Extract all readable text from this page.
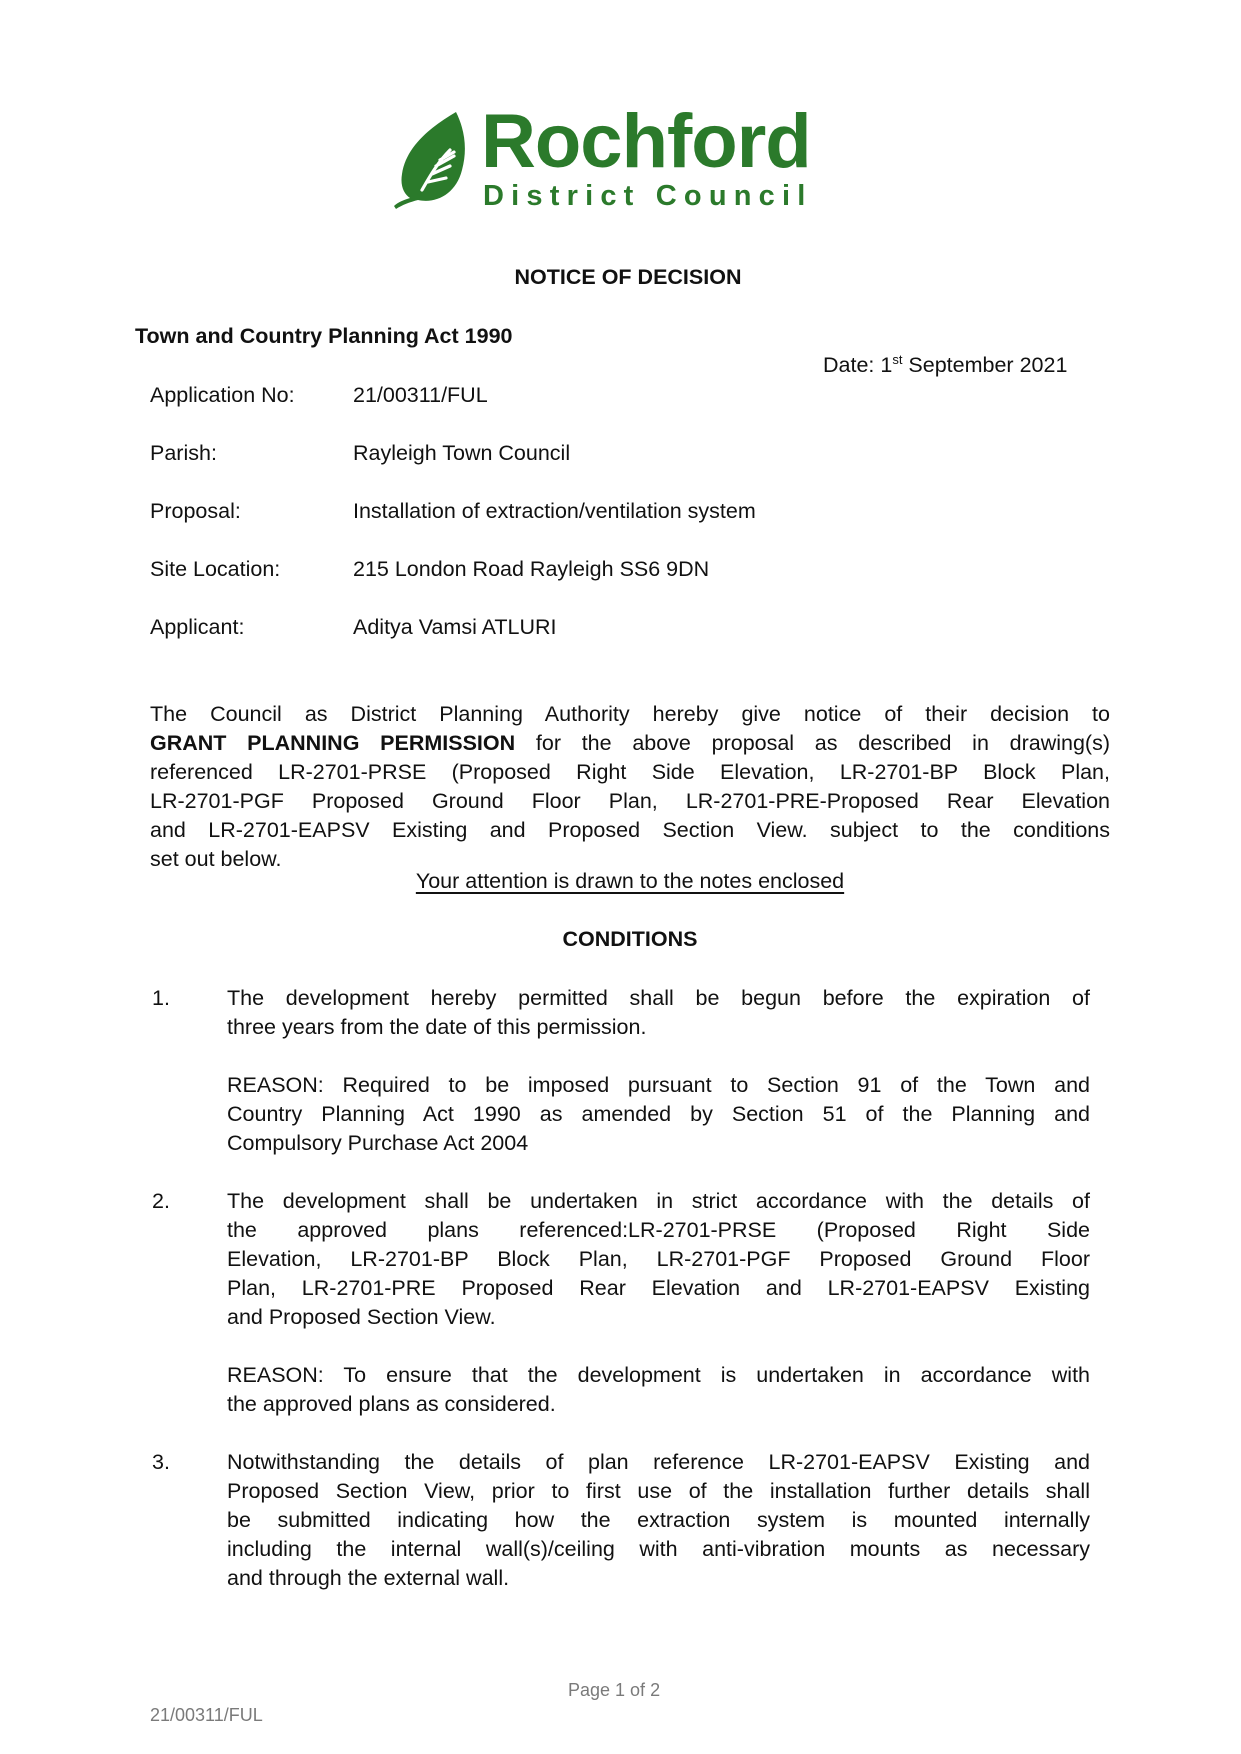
Rochford
District Council
NOTICE OF DECISION
Town and Country Planning Act 1990
Date: 1st September 2021
Application No:	21/00311/FUL
Parish:	Rayleigh Town Council
Proposal:	Installation of extraction/ventilation system
Site Location:	215 London Road Rayleigh SS6 9DN
Applicant:	Aditya Vamsi ATLURI
The Council as District Planning Authority hereby give notice of their decision to
GRANT PLANNING PERMISSION for the above proposal as described in drawing(s)
referenced LR-2701-PRSE (Proposed Right Side Elevation, LR-2701-BP Block Plan,
LR-2701-PGF Proposed Ground Floor Plan, LR-2701-PRE-Proposed Rear Elevation
and LR-2701-EAPSV Existing and Proposed Section View. subject to the conditions
set out below.
Your attention is drawn to the notes enclosed
CONDITIONS
1.	The development hereby permitted shall be begun before the expiration of
three years from the date of this permission.
REASON: Required to be imposed pursuant to Section 91 of the Town and
Country Planning Act 1990 as amended by Section 51 of the Planning and
Compulsory Purchase Act 2004
2.	The development shall be undertaken in strict accordance with the details of
the approved plans referenced:LR-2701-PRSE (Proposed Right Side
Elevation, LR-2701-BP Block Plan, LR-2701-PGF Proposed Ground Floor
Plan, LR-2701-PRE Proposed Rear Elevation and LR-2701-EAPSV Existing
and Proposed Section View.
REASON: To ensure that the development is undertaken in accordance with
the approved plans as considered.
3.	Notwithstanding the details of plan reference LR-2701-EAPSV Existing and
Proposed Section View, prior to first use of the installation further details shall
be submitted indicating how the extraction system is mounted internally
including the internal wall(s)/ceiling with anti-vibration mounts as necessary
and through the external wall.
Page 1 of 2
21/00311/FUL
